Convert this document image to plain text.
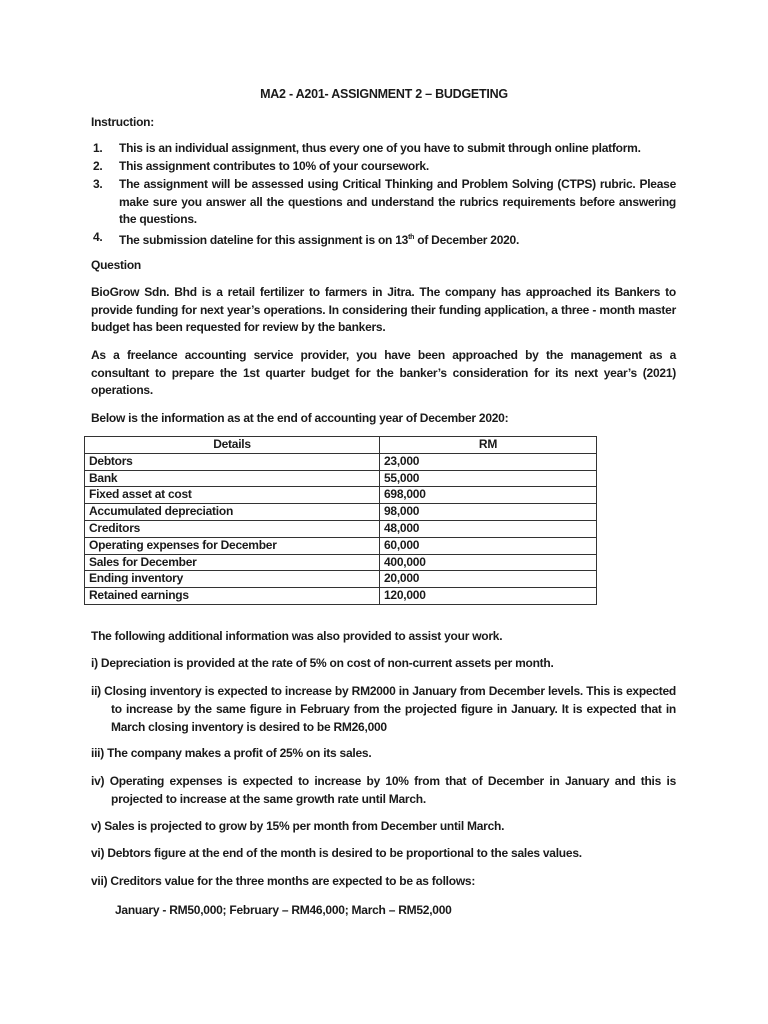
MA2 - A201- ASSIGNMENT 2 – BUDGETING
Instruction:
1. This is an individual assignment, thus every one of you have to submit through online platform.
2. This assignment contributes to 10% of your coursework.
3. The assignment will be assessed using Critical Thinking and Problem Solving (CTPS) rubric. Please make sure you answer all the questions and understand the rubrics requirements before answering the questions.
4. The submission dateline for this assignment is on 13th of December 2020.
Question
BioGrow Sdn. Bhd is a retail fertilizer to farmers in Jitra. The company has approached its Bankers to provide funding for next year’s operations. In considering their funding application, a three - month master budget has been requested for review by the bankers.
As a freelance accounting service provider, you have been approached by the management as a consultant to prepare the 1st quarter budget for the banker’s consideration for its next year’s (2021) operations.
Below is the information as at the end of accounting year of December 2020:
Details	RM
Debtors	23,000
Bank	55,000
Fixed asset at cost	698,000
Accumulated depreciation	98,000
Creditors	48,000
Operating expenses for December	60,000
Sales for December	400,000
Ending inventory	20,000
Retained earnings	120,000
The following additional information was also provided to assist your work.
i) Depreciation is provided at the rate of 5% on cost of non-current assets per month.
ii) Closing inventory is expected to increase by RM2000 in January from December levels. This is expected to increase by the same figure in February from the projected figure in January. It is expected that in March closing inventory is desired to be RM26,000
iii) The company makes a profit of 25% on its sales.
iv) Operating expenses is expected to increase by 10% from that of December in January and this is projected to increase at the same growth rate until March.
v) Sales is projected to grow by 15% per month from December until March.
vi) Debtors figure at the end of the month is desired to be proportional to the sales values.
vii) Creditors value for the three months are expected to be as follows:
January - RM50,000; February – RM46,000; March – RM52,000
